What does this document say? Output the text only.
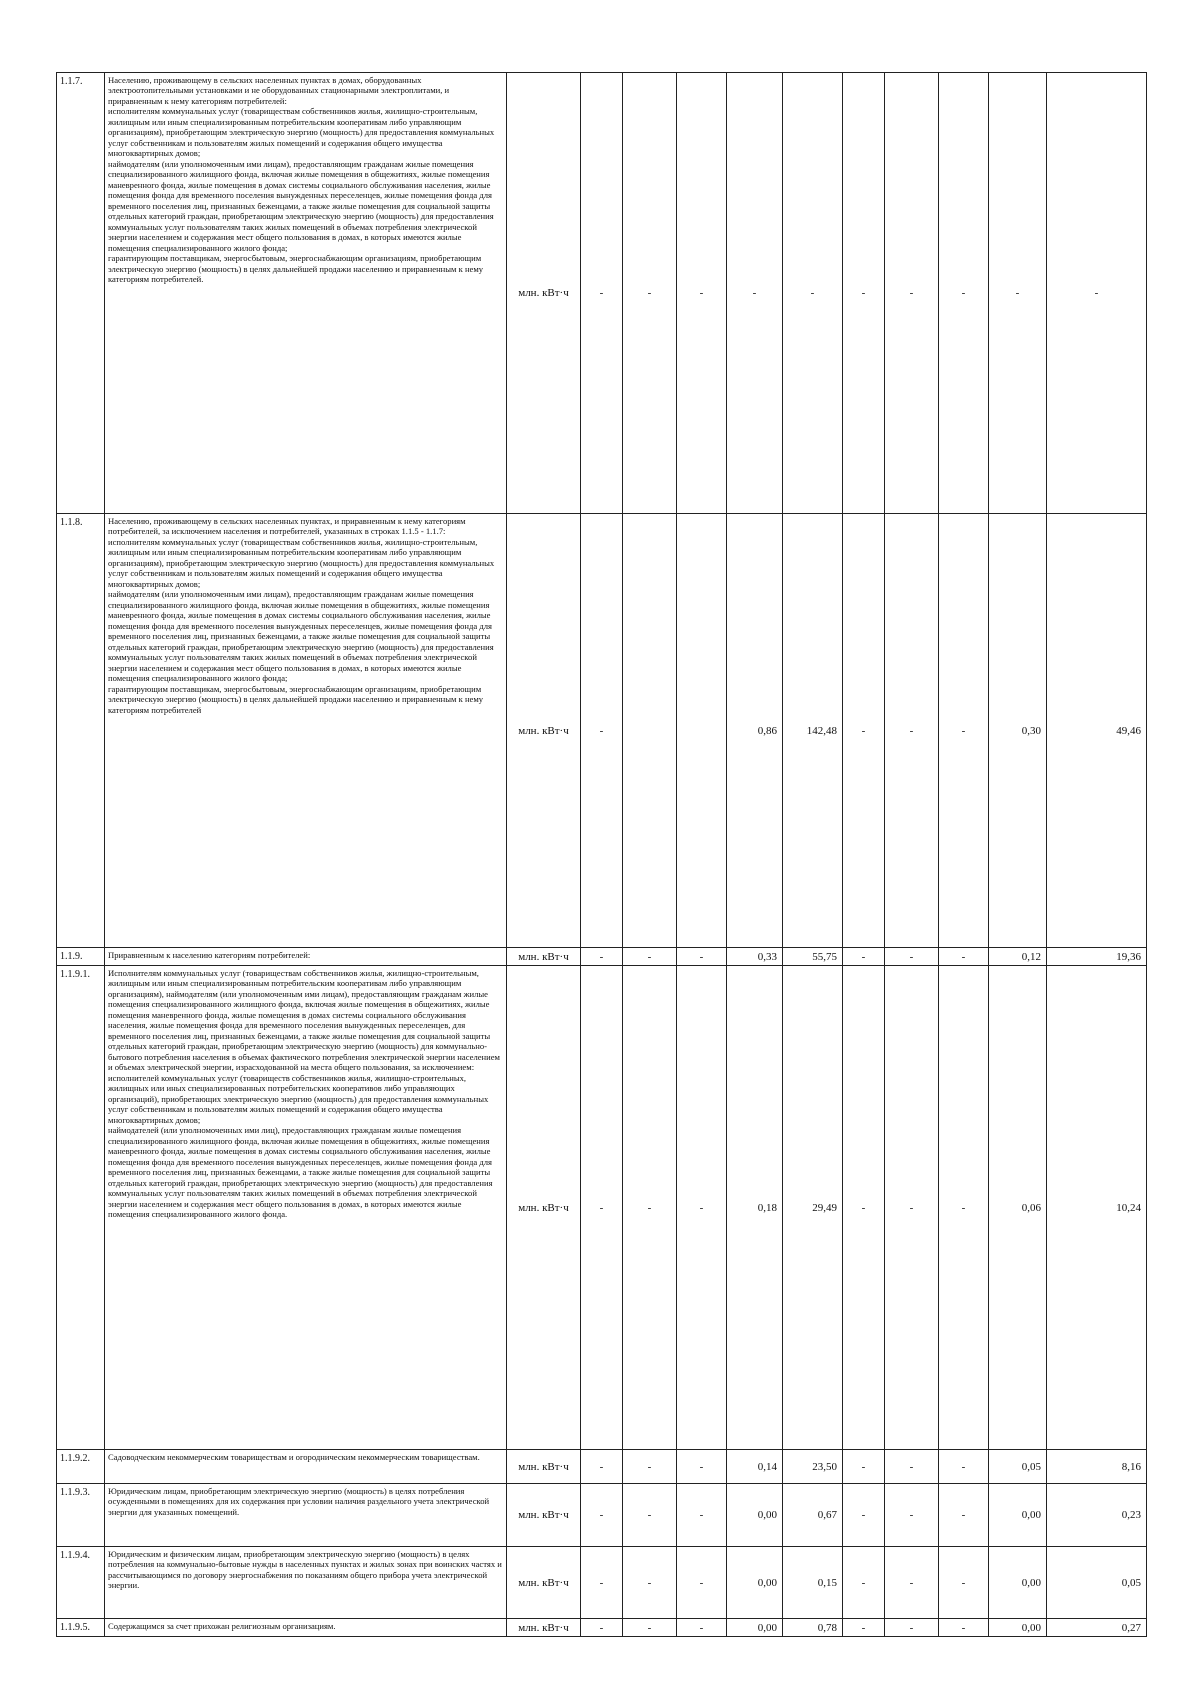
1.1.7.	Населению, проживающему в сельских населенных пунктах в домах, оборудованных электроотопительными установками и не оборудованных стационарными электроплитами, и приравненным к нему категориям потребителей:
исполнителям коммунальных услуг (товариществам собственников жилья, жилищно-строительным, жилищным или иным специализированным потребительским кооперативам либо управляющим организациям), приобретающим электрическую энергию (мощность) для предоставления коммунальных услуг собственникам и пользователям жилых помещений и содержания общего имущества многоквартирных домов;
наймодателям (или уполномоченным ими лицам), предоставляющим гражданам жилые помещения специализированного жилищного фонда, включая жилые помещения в общежитиях, жилые помещения маневренного фонда, жилые помещения в домах системы социального обслуживания населения, жилые помещения фонда для временного поселения вынужденных переселенцев, жилые помещения фонда для временного поселения лиц, признанных беженцами, а также жилые помещения для социальной защиты отдельных категорий граждан, приобретающим электрическую энергию (мощность) для предоставления коммунальных услуг пользователям таких жилых помещений в объемах потребления электрической энергии населением и содержания мест общего пользования в домах, в которых имеются жилые помещения специализированного жилого фонда;
гарантирующим поставщикам, энергосбытовым, энергоснабжающим организациям, приобретающим электрическую энергию (мощность) в целях дальнейшей продажи населению и приравненным к нему категориям потребителей.	млн. кВт·ч	-	-	-	-	-	-	-	-	-	-
1.1.8.	Населению, проживающему в сельских населенных пунктах, и приравненным к нему категориям потребителей, за исключением населения и потребителей, указанных в строках 1.1.5 - 1.1.7:
исполнителям коммунальных услуг (товариществам собственников жилья, жилищно-строительным, жилищным или иным специализированным потребительским кооперативам либо управляющим организациям), приобретающим электрическую энергию (мощность) для предоставления коммунальных услуг собственникам и пользователям жилых помещений и содержания общего имущества многоквартирных домов;
наймодателям (или уполномоченным ими лицам), предоставляющим гражданам жилые помещения специализированного жилищного фонда, включая жилые помещения в общежитиях, жилые помещения маневренного фонда, жилые помещения в домах системы социального обслуживания населения, жилые помещения фонда для временного поселения вынужденных переселенцев, жилые помещения фонда для временного поселения лиц, признанных беженцами, а также жилые помещения для социальной защиты отдельных категорий граждан, приобретающим электрическую энергию (мощность) для предоставления коммунальных услуг пользователям таких жилых помещений в объемах потребления электрической энергии населением и содержания мест общего пользования в домах, в которых имеются жилые помещения специализированного жилого фонда;
гарантирующим поставщикам, энергосбытовым, энергоснабжающим организациям, приобретающим электрическую энергию (мощность) в целях дальнейшей продажи населению и приравненным к нему категориям потребителей	млн. кВт·ч	-			0,86	142,48	-	-	-	0,30	49,46
1.1.9.	Приравненным к населению категориям потребителей:	млн. кВт·ч	-	-	-	0,33	55,75	-	-	-	0,12	19,36
1.1.9.1.	Исполнителям коммунальных услуг (товариществам собственников жилья, жилищно-строительным, жилищным или иным специализированным потребительским кооперативам либо управляющим организациям), наймодателям (или уполномоченным ими лицам), предоставляющим гражданам жилые помещения специализированного жилищного фонда, включая жилые помещения в общежитиях, жилые помещения маневренного фонда, жилые помещения в домах системы социального обслуживания населения, жилые помещения фонда для временного поселения вынужденных переселенцев, для временного поселения лиц, признанных беженцами, а также жилые помещения для социальной защиты отдельных категорий граждан, приобретающим электрическую энергию (мощность) для коммунально-бытового потребления населения в объемах фактического потребления электрической энергии населением и объемах электрической энергии, израсходованной на места общего пользования, за исключением:
исполнителей коммунальных услуг (товариществ собственников жилья, жилищно-строительных, жилищных или иных специализированных потребительских кооперативов либо управляющих организаций), приобретающих электрическую энергию (мощность) для предоставления коммунальных услуг собственникам и пользователям жилых помещений и содержания общего имущества многоквартирных домов;
наймодателей (или уполномоченных ими лиц), предоставляющих гражданам жилые помещения специализированного жилищного фонда, включая жилые помещения в общежитиях, жилые помещения маневренного фонда, жилые помещения в домах системы социального обслуживания населения, жилые помещения фонда для временного поселения вынужденных переселенцев, жилые помещения фонда для временного поселения лиц, признанных беженцами, а также жилые помещения для социальной защиты отдельных категорий граждан, приобретающих электрическую энергию (мощность) для предоставления коммунальных услуг пользователям таких жилых помещений в объемах потребления электрической энергии населением и содержания мест общего пользования в домах, в которых имеются жилые помещения специализированного жилого фонда.	млн. кВт·ч	-	-	-	0,18	29,49	-	-	-	0,06	10,24
1.1.9.2.	Садоводческим некоммерческим товариществам и огородническим некоммерческим товариществам.	млн. кВт·ч	-	-	-	0,14	23,50	-	-	-	0,05	8,16
1.1.9.3.	Юридическим лицам, приобретающим электрическую энергию (мощность) в целях потребления осужденными в помещениях для их содержания при условии наличия раздельного учета электрической энергии для указанных помещений.	млн. кВт·ч	-	-	-	0,00	0,67	-	-	-	0,00	0,23
1.1.9.4.	Юридическим и физическим лицам, приобретающим электрическую энергию (мощность) в целях потребления на коммунально-бытовые нужды в населенных пунктах и жилых зонах при воинских частях и рассчитывающимся по договору энергоснабжения по показаниям общего прибора учета электрической энергии.	млн. кВт·ч	-	-	-	0,00	0,15	-	-	-	0,00	0,05
1.1.9.5.	Содержащимся за счет прихожан религиозным организациям.	млн. кВт·ч	-	-	-	0,00	0,78	-	-	-	0,00	0,27
